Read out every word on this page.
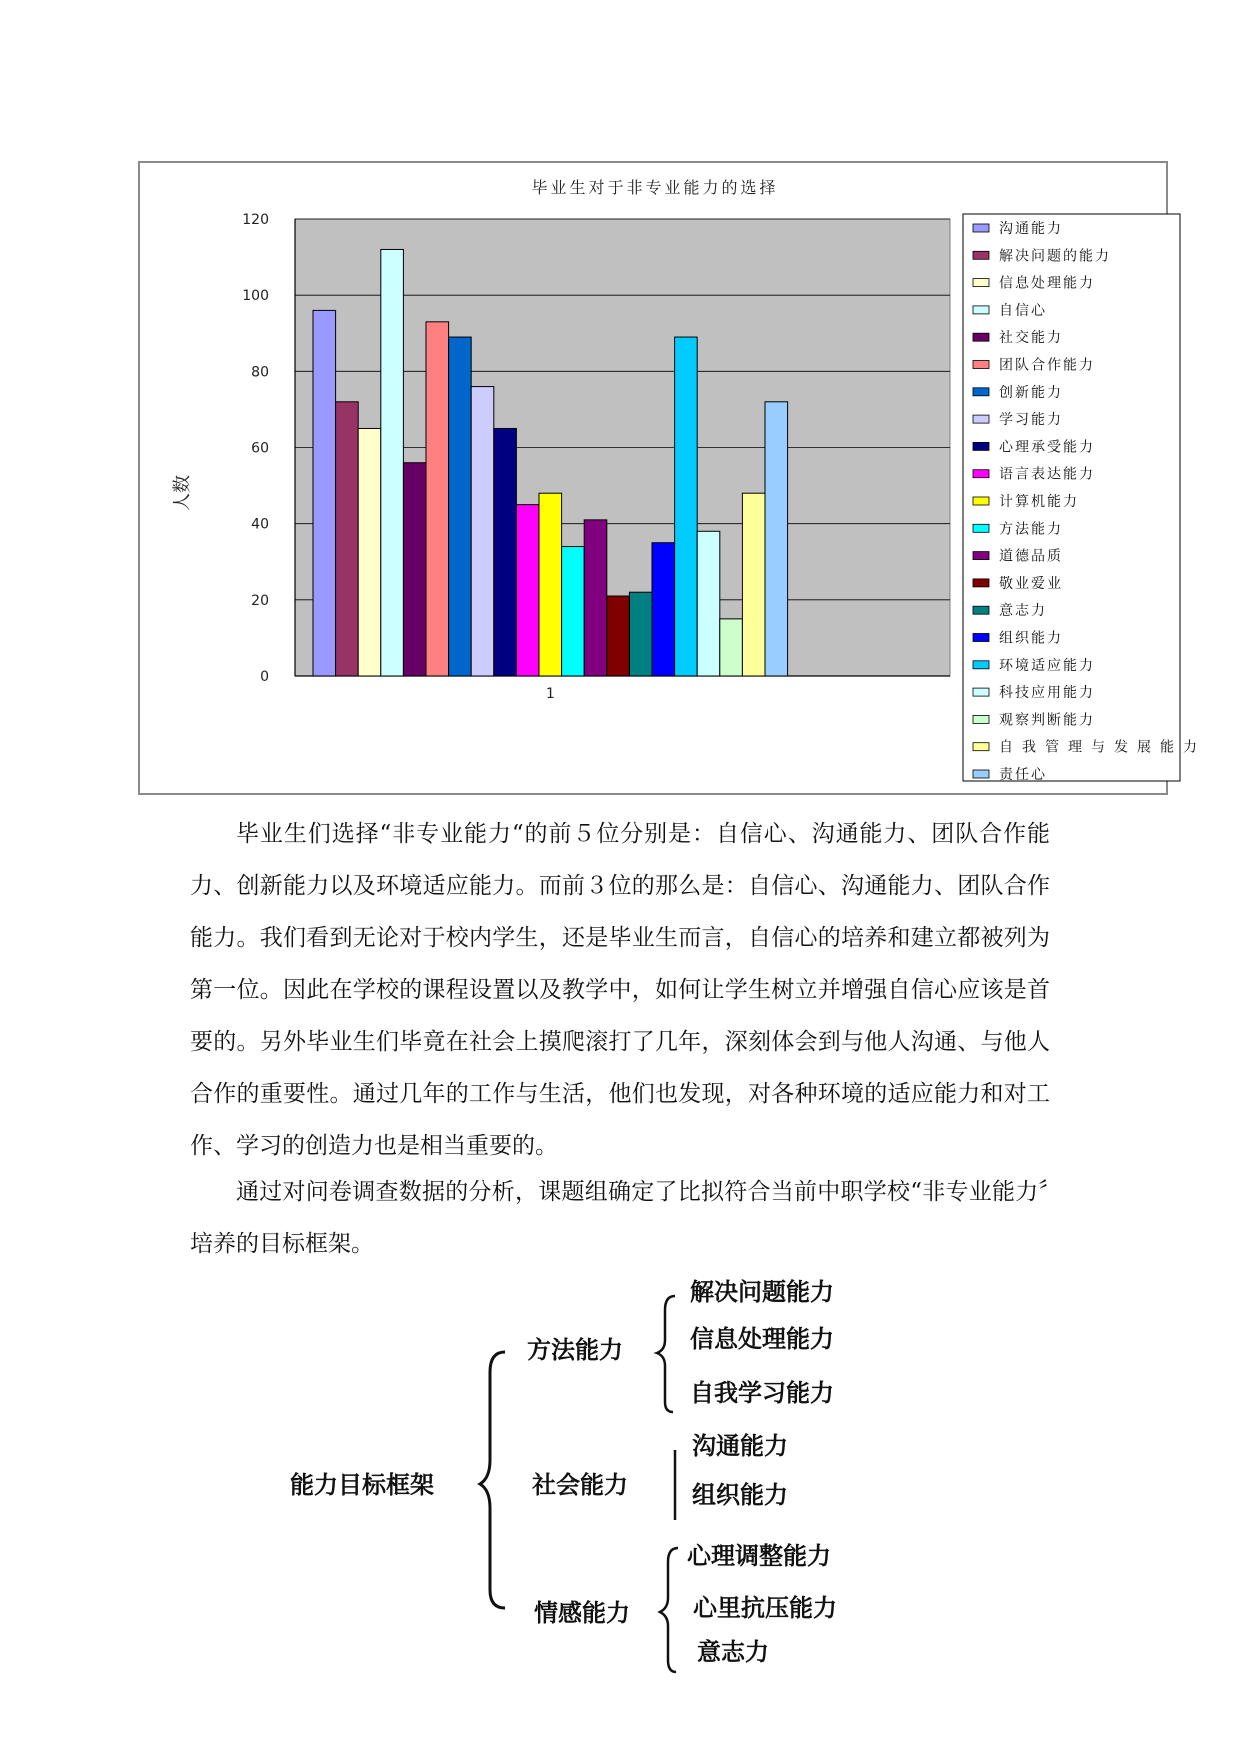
毕业生对于非专业能力的选择
人数
0
20
40
60
80
100
120
1
沟通能力
解决问题的能力
信息处理能力
自信心
社交能力
团队合作能力
创新能力
学习能力
心理承受能力
语言表达能力
计算机能力
方法能力
道德品质
敬业爱业
意志力
组织能力
环境适应能力
科技应用能力
观察判断能力
自我管理与发展能力
责任心

毕业生们选择“非专业能力“的前５位分别是：自信心、沟通能力、团队合作能力、创新能力以及环境适应能力。而前３位的那么是：自信心、沟通能力、团队合作能力。我们看到无论对于校内学生，还是毕业生而言，自信心的培养和建立都被列为第一位。因此在学校的课程设置以及教学中，如何让学生树立并增强自信心应该是首要的。另外毕业生们毕竟在社会上摸爬滚打了几年，深刻体会到与他人沟通、与他人合作的重要性。通过几年的工作与生活，他们也发现，对各种环境的适应能力和对工作、学习的创造力也是相当重要的。

通过对问卷调查数据的分析，课题组确定了比拟符合当前中职学校“非专业能力〞培养的目标框架。

能力目标框架
方法能力
社会能力
情感能力
解决问题能力
信息处理能力
自我学习能力
沟通能力
组织能力
心理调整能力
心里抗压能力
意志力
